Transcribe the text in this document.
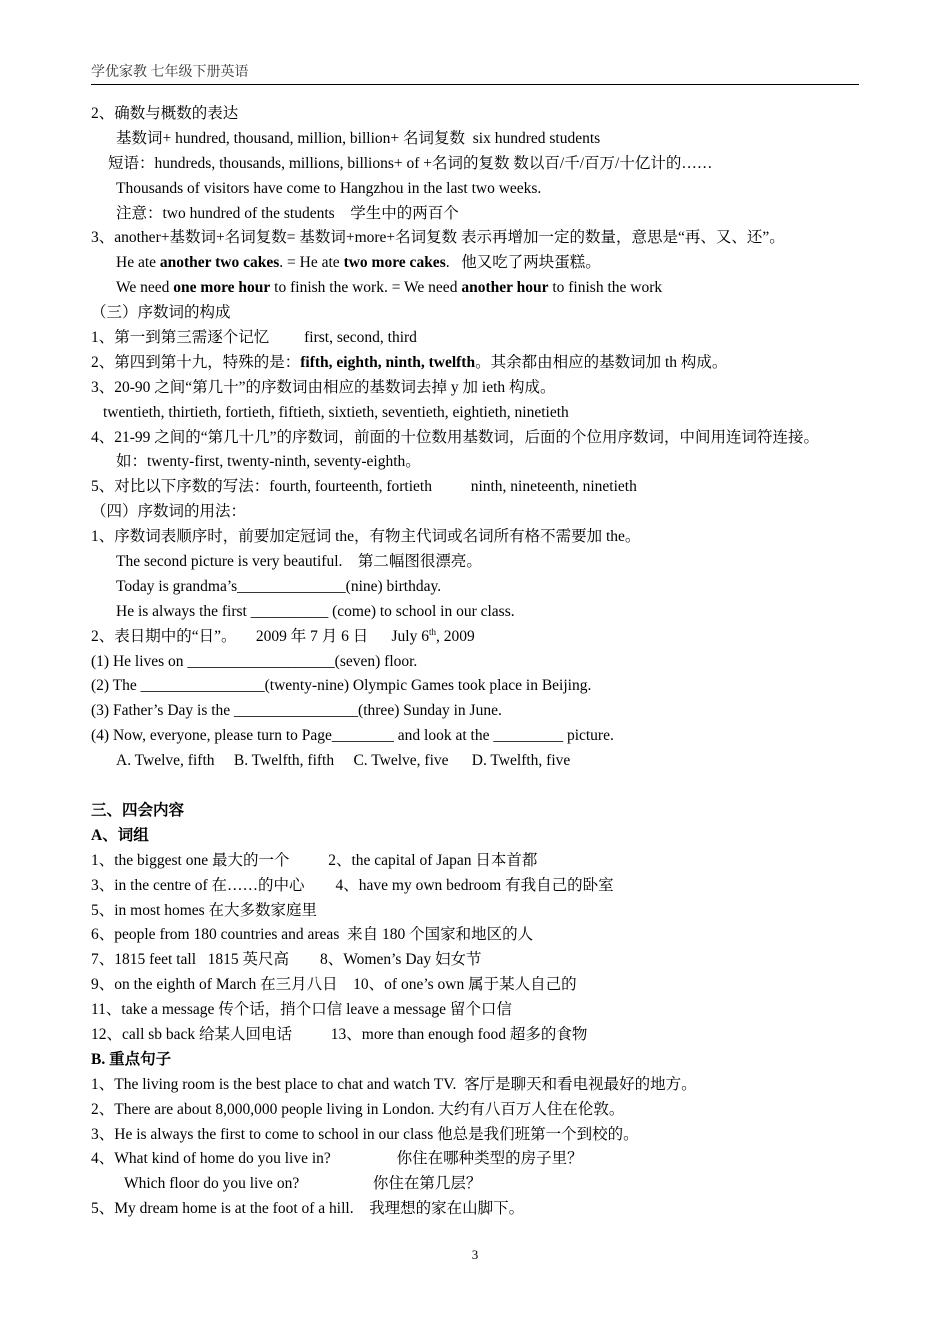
学优家教 七年级下册英语
2、确数与概数的表达
基数词+ hundred, thousand, million, billion+ 名词复数  six hundred students
短语：hundreds, thousands, millions, billions+ of +名词的复数 数以百/千/百万/十亿计的……
Thousands of visitors have come to Hangzhou in the last two weeks.
注意：two hundred of the students    学生中的两百个
3、another+基数词+名词复数= 基数词+more+名词复数 表示再增加一定的数量，意思是“再、又、还”。
He ate another two cakes. = He ate two more cakes.   他又吃了两块蛋糕。
We need one more hour to finish the work. = We need another hour to finish the work
（三）序数词的构成
1、第一到第三需逐个记忆         first, second, third
2、第四到第十九，特殊的是：fifth, eighth, ninth, twelfth。其余都由相应的基数词加 th 构成。
3、20-90 之间“第几十”的序数词由相应的基数词去掉 y 加 ieth 构成。
twentieth, thirtieth, fortieth, fiftieth, sixtieth, seventieth, eightieth, ninetieth
4、21-99 之间的“第几十几”的序数词，前面的十位数用基数词，后面的个位用序数词，中间用连词符连接。
如：twenty-first, twenty-ninth, seventy-eighth。
5、对比以下序数的写法：fourth, fourteenth, fortieth          ninth, nineteenth, ninetieth
（四）序数词的用法：
1、序数词表顺序时，前要加定冠词 the，有物主代词或名词所有格不需要加 the。
The second picture is very beautiful.    第二幅图很漂亮。
Today is grandma’s______________(nine) birthday.
He is always the first __________ (come) to school in our class.
2、表日期中的“日”。     2009 年 7 月 6 日      July 6th, 2009
(1) He lives on ___________________(seven) floor.
(2) The ________________(twenty-nine) Olympic Games took place in Beijing.
(3) Father’s Day is the ________________(three) Sunday in June.
(4) Now, everyone, please turn to Page________ and look at the _________ picture.
A. Twelve, fifth     B. Twelfth, fifth     C. Twelve, five      D. Twelfth, five
三、四会内容
A、词组
1、the biggest one 最大的一个          2、the capital of Japan 日本首都
3、in the centre of 在……的中心        4、have my own bedroom 有我自己的卧室
5、in most homes 在大多数家庭里
6、people from 180 countries and areas  来自 180 个国家和地区的人
7、1815 feet tall   1815 英尺高        8、Women’s Day 妇女节
9、on the eighth of March 在三月八日    10、of one’s own 属于某人自己的
11、take a message 传个话，捎个口信 leave a message 留个口信
12、call sb back 给某人回电话          13、more than enough food 超多的食物
B. 重点句子
1、The living room is the best place to chat and watch TV.  客厅是聊天和看电视最好的地方。
2、There are about 8,000,000 people living in London. 大约有八百万人住在伦敦。
3、He is always the first to come to school in our class 他总是我们班第一个到校的。
4、What kind of home do you live in?                 你住在哪种类型的房子里？
Which floor do you live on?                   你住在第几层？
5、My dream home is at the foot of a hill.    我理想的家在山脚下。
3
